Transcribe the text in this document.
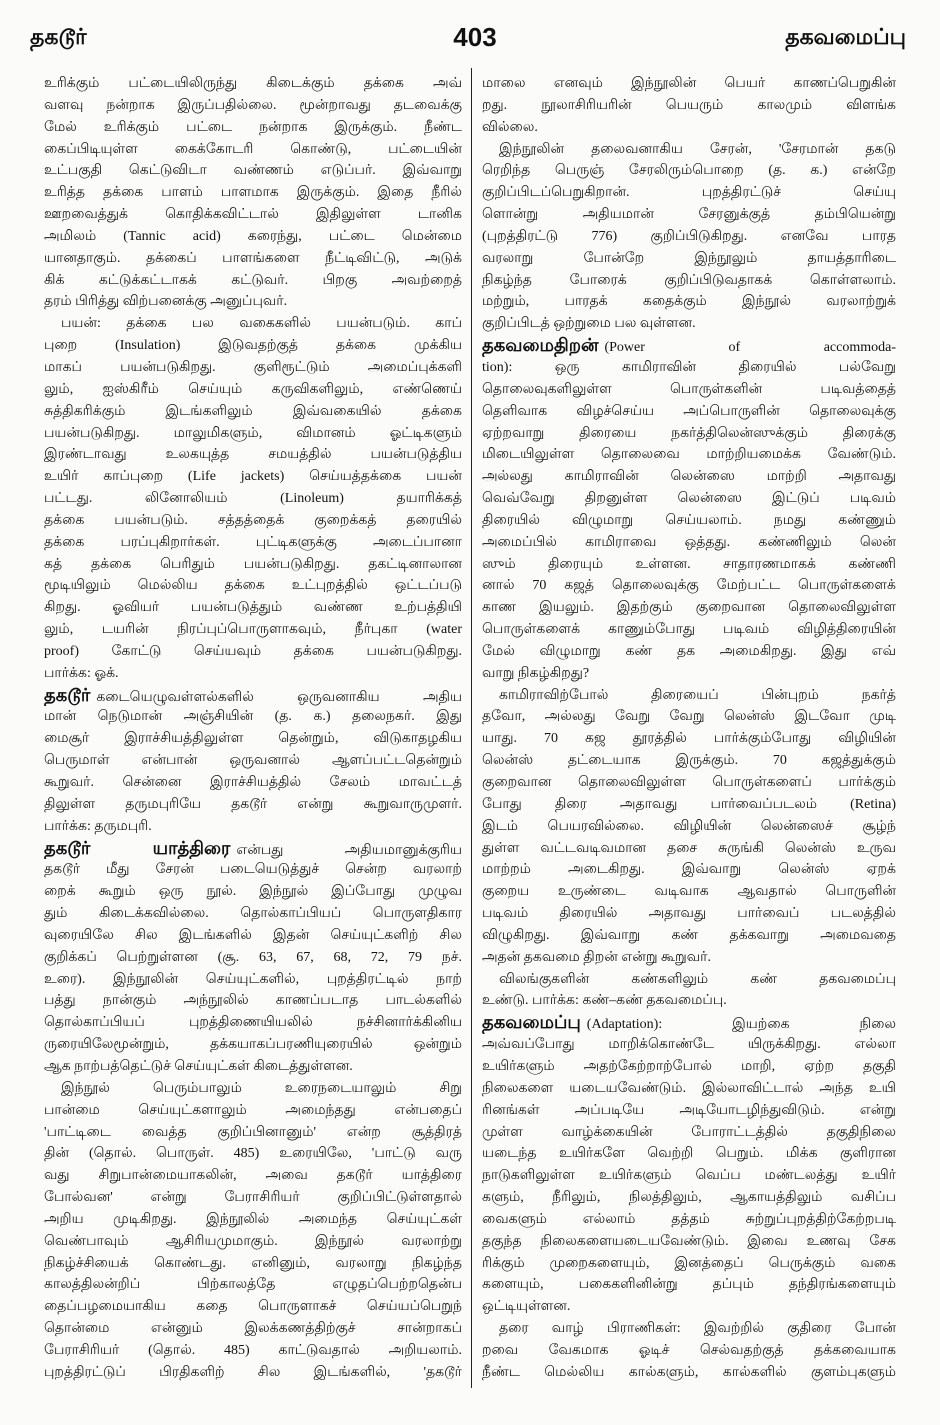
தகடூர்	403	தகவமைப்பு
உரிக்கும் பட்டையிலிருந்து கிடைக்கும் தக்கை அவ்
வளவு நன்றாக இருப்பதில்லை. மூன்றாவது தடவைக்கு
மேல் உரிக்கும் பட்டை நன்றாக இருக்கும். நீண்ட
கைப்பிடியுள்ள கைக்கோடரி கொண்டு, பட்டையின்
உட்பகுதி கெட்டுவிடா வண்ணம் எடுப்பர். இவ்வாறு
உரித்த தக்கை பாளம் பாளமாக இருக்கும். இதை நீரில்
ஊறவைத்துக் கொதிக்கவிட்டால் இதிலுள்ள டானிக
அமிலம் (Tannic acid) கரைந்து, பட்டை மென்மை
யானதாகும். தக்கைப் பாளங்களை நீட்டிவிட்டு, அடுக்
கிக் கட்டுக்கட்டாகக் கட்டுவர். பிறகு அவற்றைத்
தரம் பிரித்து விற்பனைக்கு அனுப்புவர்.
பயன்: தக்கை பல வகைகளில் பயன்படும். காப்
புறை (Insulation) இடுவதற்குத் தக்கை முக்கிய
மாகப் பயன்படுகிறது. குளிரூட்டும் அமைப்புக்களி
லும், ஐஸ்கிரீம் செய்யும் கருவிகளிலும், எண்ணெய்
சுத்திகரிக்கும் இடங்களிலும் இவ்வகையில் தக்கை
பயன்படுகிறது. மாலுமிகளும், விமானம் ஓட்டிகளும்
இரண்டாவது உலகயுத்த சமயத்தில் பயன்படுத்திய
உயிர் காப்புறை (Life jackets) செய்யத்தக்கை பயன்
பட்டது. லினோலியம் (Linoleum) தயாரிக்கத்
தக்கை பயன்படும். சத்தத்தைக் குறைக்கத் தரையில்
தக்கை பரப்புகிறார்கள். புட்டிகளுக்கு அடைப்பானா
கத் தக்கை பெரிதும் பயன்படுகிறது. தகட்டினாலான
மூடியிலும் மெல்லிய தக்கை உட்புறத்தில் ஒட்டப்படு
கிறது. ஓவியர் பயன்படுத்தும் வண்ண உற்பத்தியி
லும், டயரின் நிரப்புப்பொருளாகவும், நீர்புகா (water
proof) கோட்டு செய்யவும் தக்கை பயன்படுகிறது.
பார்க்க: ஓக்.
தகடூர் கடையெழுவள்ளல்களில் ஒருவனாகிய அதிய
மான் நெடுமான் அஞ்சியின் (த. க.) தலைநகர். இது
மைசூர் இராச்சியத்திலுள்ள தென்றும், விடுகாதழகிய
பெருமாள் என்பான் ஒருவனால் ஆளப்பட்டதென்றும்
கூறுவர். சென்னை இராச்சியத்தில் சேலம் மாவட்டத்
திலுள்ள தருமபுரியே தகடூர் என்று கூறுவாருமுளர்.
பார்க்க: தருமபுரி.
தகடூர் யாத்திரை என்பது அதியமானுக்குரிய
தகடூர் மீது சேரன் படையெடுத்துச் சென்ற வரலாற்
றைக் கூறும் ஒரு நூல். இந்நூல் இப்போது முழுவ
தும் கிடைக்கவில்லை. தொல்காப்பியப் பொருளதிகார
வுரையிலே சில இடங்களில் இதன் செய்யுட்களிற் சில
குறிக்கப் பெற்றுள்ளன (சூ. 63, 67, 68, 72, 79 நச்.
உரை). இந்நூலின் செய்யுட்களில், புறத்திரட்டில் நாற்
பத்து நான்கும் அந்நூலில் காணப்படாத பாடல்களில்
தொல்காப்பியப் புறத்திணையியலில் நச்சினார்க்கினிய
ருரையிலேமூன்றும், தக்கயாகப்பரணியுரையில் ஒன்றும்
ஆக நாற்பத்தெட்டுச் செய்யுட்கள் கிடைத்துள்ளன.
இந்நூல் பெரும்பாலும் உரைநடையாலும் சிறு
பான்மை செய்யுட்களாலும் அமைந்தது என்பதைப்
'பாட்டிடை வைத்த குறிப்பினானும்' என்ற சூத்திரத்
தின் (தொல். பொருள். 485) உரையிலே, 'பாட்டு வரு
வது சிறுபான்மையாகலின், அவை தகடூர் யாத்திரை
போல்வன' என்று பேராசிரியர் குறிப்பிட்டுள்ளதால்
அறிய முடிகிறது. இந்நூலில் அமைந்த செய்யுட்கள்
வெண்பாவும் ஆசிரியமுமாகும். இந்நூல் வரலாற்று
நிகழ்ச்சியைக் கொண்டது. எனினும், வரலாறு நிகழ்ந்த
காலத்திலன்றிப் பிற்காலத்தே எழுதப்பெற்றதென்ப
தைப்பழமையாகிய கதை பொருளாகச் செய்யப்பெறுந்
தொன்மை என்னும் இலக்கணத்திற்குச் சான்றாகப்
பேராசிரியர் (தொல். 485) காட்டுவதால் அறியலாம்.
புறத்திரட்டுப் பிரதிகளிற் சில இடங்களில், 'தகடூர்
மாலை எனவும் இந்நூலின் பெயர் காணப்பெறுகின்
றது. நூலாசிரியரின் பெயரும் காலமும் விளங்க
வில்லை.
இந்நூலின் தலைவனாகிய சேரன், 'சேரமான் தகடு
ரெறிந்த பெருஞ் சேரலிரும்பொறை (த. க.) என்றே
குறிப்பிடப்பெறுகிறான். புறத்திரட்டுச் செய்யு
ளொன்று அதியமான் சேரனுக்குத் தம்பியென்று
(புறத்திரட்டு 776) குறிப்பிடுகிறது. எனவே பாரத
வரலாறு போன்றே இந்நூலும் தாயத்தாரிடை
நிகழ்ந்த போரைக் குறிப்பிடுவதாகக் கொள்ளலாம்.
மற்றும், பாரதக் கதைக்கும் இந்நூல் வரலாற்றுக்
குறிப்பிடத் ஒற்றுமை பல வுள்ளன.
தகவமைதிறன் (Power of accommoda-
tion): ஒரு காமிராவின் திரையில் பல்வேறு
தொலைவுகளிலுள்ள பொருள்களின் படிவத்தைத்
தெளிவாக விழச்செய்ய அப்பொருளின் தொலைவுக்கு
ஏற்றவாறு திரையை நகர்த்திலென்ஸுக்கும் திரைக்கு
மிடையிலுள்ள தொலைவை மாற்றியமைக்க வேண்டும்.
அல்லது காமிராவின் லென்ஸை மாற்றி அதாவது
வெவ்வேறு திறனுள்ள லென்ஸை இட்டுப் படிவம்
திரையில் விழுமாறு செய்யலாம். நமது கண்ணும்
அமைப்பில் காமிராவை ஒத்தது. கண்ணிலும் லென்
ஸும் திரையும் உள்ளன. சாதாரணமாகக் கண்ணி
னால் 70 கஜத் தொலைவுக்கு மேற்பட்ட பொருள்களைக்
காண இயலும். இதற்கும் குறைவான தொலைவிலுள்ள
பொருள்களைக் காணும்போது படிவம் விழித்திரையின்
மேல் விழுமாறு கண் தக அமைகிறது. இது எவ்
வாறு நிகழ்கிறது?
காமிராவிற்போல் திரையைப் பின்புறம் நகர்த்
தவோ, அல்லது வேறு வேறு லென்ஸ் இடவோ முடி
யாது. 70 கஜ தூரத்தில் பார்க்கும்போது விழியின்
லென்ஸ் தட்டையாக இருக்கும். 70 கஜத்துக்கும்
குறைவான தொலைவிலுள்ள பொருள்களைப் பார்க்கும்
போது திரை அதாவது பார்வைப்படலம் (Retina)
இடம் பெயரவில்லை. விழியின் லென்ஸைச் சூழ்ந்
துள்ள வட்டவடிவமான தசை சுருங்கி லென்ஸ் உருவ
மாற்றம் அடைகிறது. இவ்வாறு லென்ஸ் ஏறக்
குறைய உருண்டை வடிவாக ஆவதால் பொருளின்
படிவம் திரையில் அதாவது பார்வைப் படலத்தில்
விழுகிறது. இவ்வாறு கண் தக்கவாறு அமைவதை
அதன் தகவமை திறன் என்று கூறுவர்.
விலங்குகளின் கண்களிலும் கண் தகவமைப்பு
உண்டு. பார்க்க: கண்–கண் தகவமைப்பு.
தகவமைப்பு (Adaptation): இயற்கை நிலை
அவ்வப்போது மாறிக்கொண்டே யிருக்கிறது. எல்லா
உயிர்களும் அதற்கேற்றாற்போல் மாறி, ஏற்ற தகுதி
நிலைகளை யடையவேண்டும். இல்லாவிட்டால் அந்த உயி
ரினங்கள் அப்படியே அடியோடழிந்துவிடும். என்று
முள்ள வாழ்க்கையின் போராட்டத்தில் தகுதிநிலை
யடைந்த உயிர்களே வெற்றி பெறும். மிக்க குளிரான
நாடுகளிலுள்ள உயிர்களும் வெப்ப மண்டலத்து உயிர்
களும், நீரிலும், நிலத்திலும், ஆகாயத்திலும் வசிப்ப
வைகளும் எல்லாம் தத்தம் சுற்றுப்புறத்திற்கேற்றபடி
தகுந்த நிலைகளையடையவேண்டும். இவை உணவு சேக
ரிக்கும் முறைகளையும், இனத்தைப் பெருக்கும் வகை
களையும், பகைகளினின்று தப்பும் தந்திரங்களையும்
ஒட்டியுள்ளன.
தரை வாழ் பிராணிகள்: இவற்றில் குதிரை போன்
றவை வேகமாக ஓடிச் செல்வதற்குத் தக்கவையாக
நீண்ட மெல்லிய கால்களும், கால்களில் குளம்புகளும்
